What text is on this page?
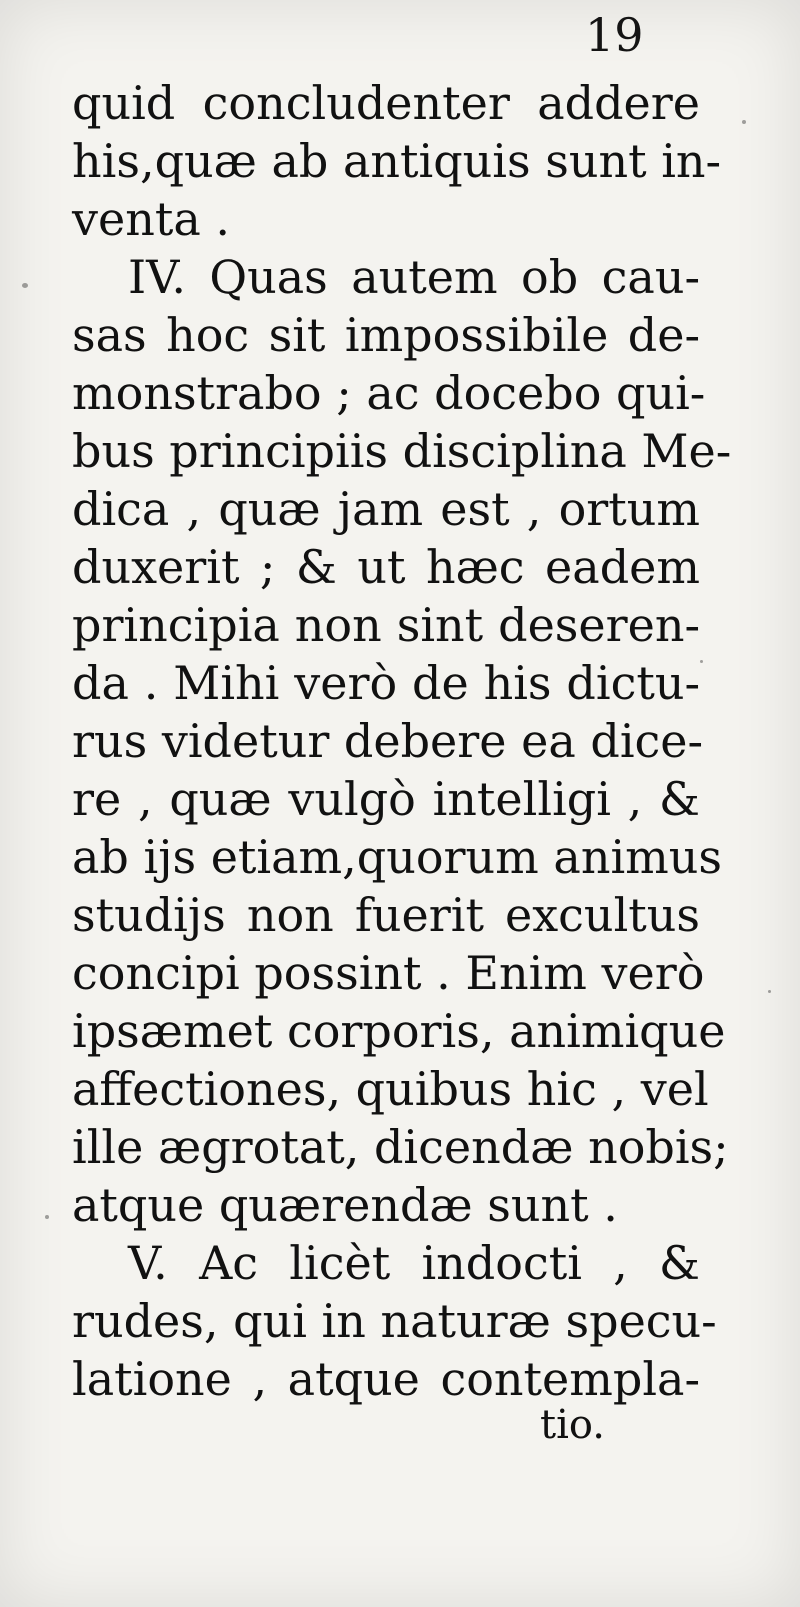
19
quid concludenter addere
his,quæ ab antiquis sunt in-
venta .
IV. Quas autem ob cau-
sas hoc sit impossibile de-
monstrabo ; ac docebo qui-
bus principiis disciplina Me-
dica , quæ jam est , ortum
duxerit ; & ut hæc eadem
principia non sint deseren-
da . Mihi verò de his dictu-
rus videtur debere ea dice-
re , quæ vulgò intelligi , &
ab ijs etiam,quorum animus
studijs non fuerit excultus
concipi possint . Enim verò
ipsæmet corporis, animique
affectiones, quibus hic , vel
ille ægrotat, dicendæ nobis;
atque quærendæ sunt .
V. Ac licèt indocti , &
rudes, qui in naturæ specu-
latione , atque contempla-
tio.
